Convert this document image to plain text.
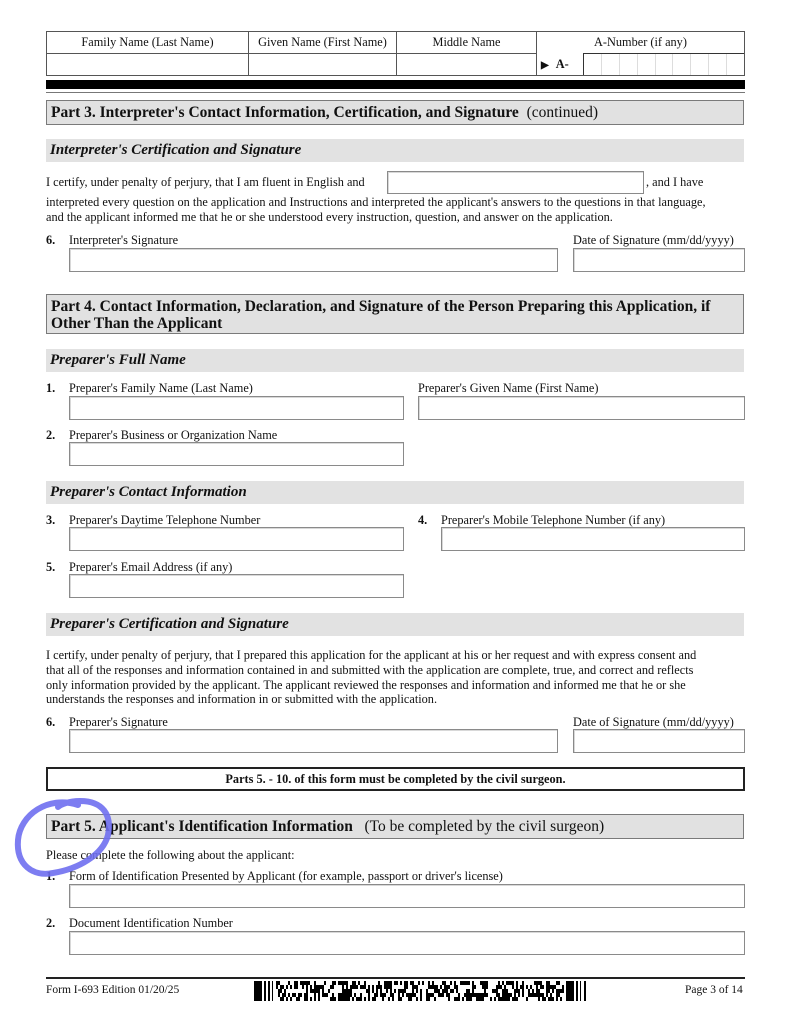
Family Name (Last Name)	Given Name (First Name)	Middle Name	A-Number (if any)	
			▶ A-	
Part 3. Interpreter's Contact Information, Certification, and Signature (continued)
Interpreter's Certification and Signature
I certify, under penalty of perjury, that I am fluent in English and	, and I have
interpreted every question on the application and Instructions and interpreted the applicant's answers to the questions in that language,
and the applicant informed me that he or she understood every instruction, question, and answer on the application.
6. Interpreter's Signature	Date of Signature (mm/dd/yyyy)
Part 4. Contact Information, Declaration, and Signature of the Person Preparing this Application, if
Other Than the Applicant
Preparer's Full Name
1. Preparer's Family Name (Last Name)	Preparer's Given Name (First Name)
2. Preparer's Business or Organization Name
Preparer's Contact Information
3. Preparer's Daytime Telephone Number	4. Preparer's Mobile Telephone Number (if any)
5. Preparer's Email Address (if any)
Preparer's Certification and Signature
I certify, under penalty of perjury, that I prepared this application for the applicant at his or her request and with express consent and
that all of the responses and information contained in and submitted with the application are complete, true, and correct and reflects
only information provided by the applicant. The applicant reviewed the responses and information and informed me that he or she
understands the responses and information in or submitted with the application.
6. Preparer's Signature	Date of Signature (mm/dd/yyyy)
Parts 5. - 10. of this form must be completed by the civil surgeon.
Part 5. Applicant's Identification Information (To be completed by the civil surgeon)
Please complete the following about the applicant:
1. Form of Identification Presented by Applicant (for example, passport or driver's license)
2. Document Identification Number
Form I-693 Edition 01/20/25	Page 3 of 14
